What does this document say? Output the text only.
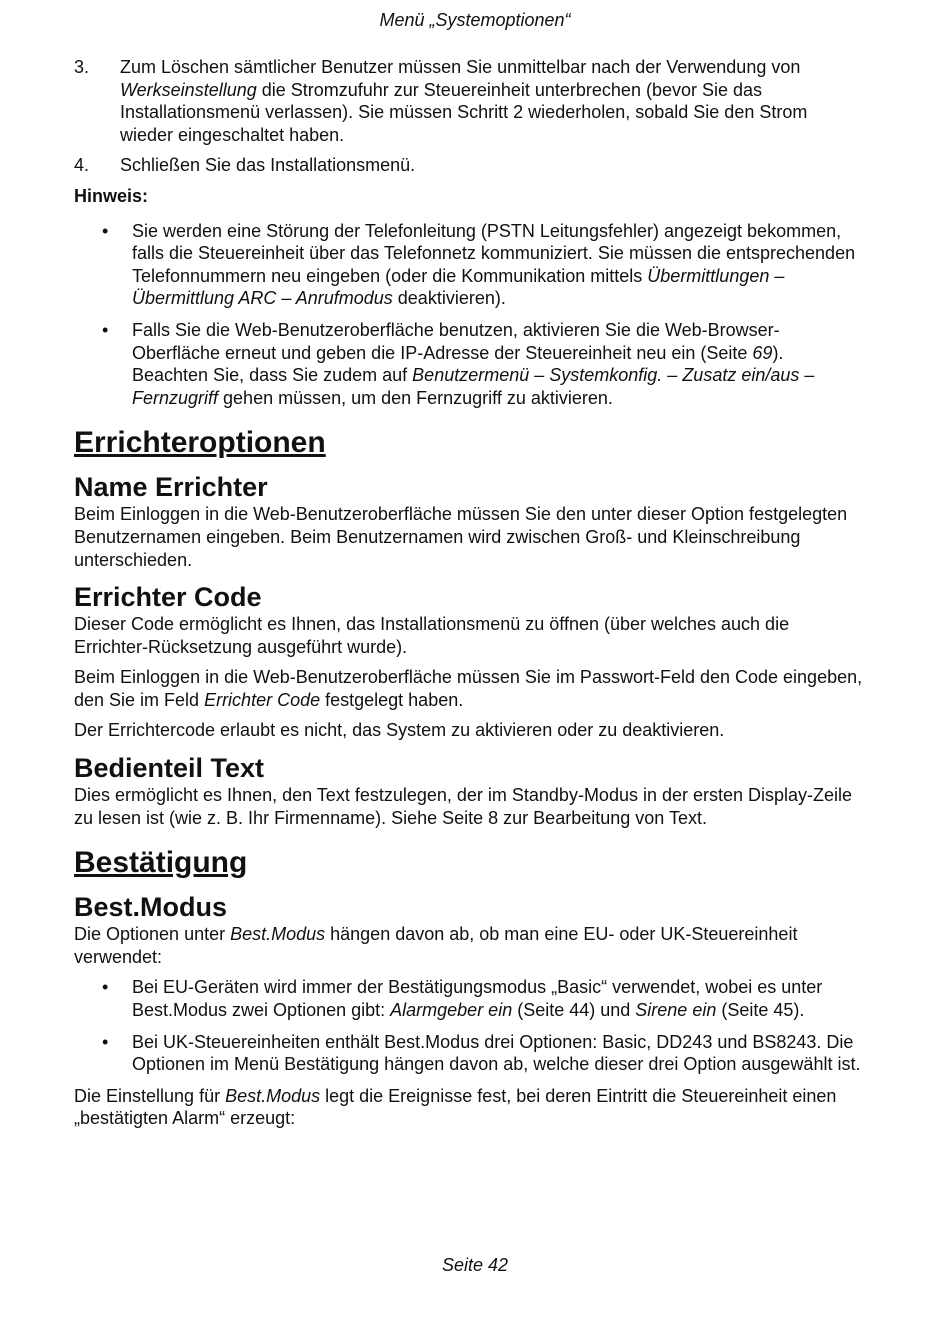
Menü „Systemoptionen“
3. Zum Löschen sämtlicher Benutzer müssen Sie unmittelbar nach der Verwendung von Werkseinstellung die Stromzufuhr zur Steuereinheit unterbrechen (bevor Sie das Installationsmenü verlassen). Sie müssen Schritt 2 wiederholen, sobald Sie den Strom wieder eingeschaltet haben.
4. Schließen Sie das Installationsmenü.
Hinweis:
• Sie werden eine Störung der Telefonleitung (PSTN Leitungsfehler) angezeigt bekommen, falls die Steuereinheit über das Telefonnetz kommuniziert. Sie müssen die entsprechenden Telefonnummern neu eingeben (oder die Kommunikation mittels Übermittlungen – Übermittlung ARC – Anrufmodus deaktivieren).
• Falls Sie die Web-Benutzeroberfläche benutzen, aktivieren Sie die Web-Browser-Oberfläche erneut und geben die IP-Adresse der Steuereinheit neu ein (Seite 69). Beachten Sie, dass Sie zudem auf Benutzermenü – Systemkonfig. – Zusatz ein/aus – Fernzugriff gehen müssen, um den Fernzugriff zu aktivieren.
Errichteroptionen
Name Errichter

Beim Einloggen in die Web-Benutzeroberfläche müssen Sie den unter dieser Option festgelegten Benutzernamen eingeben. Beim Benutzernamen wird zwischen Groß- und Kleinschreibung unterschieden.

Errichter Code

Dieser Code ermöglicht es Ihnen, das Installationsmenü zu öffnen (über welches auch die Errichter-Rücksetzung ausgeführt wurde).

Beim Einloggen in die Web-Benutzeroberfläche müssen Sie im Passwort-Feld den Code eingeben, den Sie im Feld Errichter Code festgelegt haben.

Der Errichtercode erlaubt es nicht, das System zu aktivieren oder zu deaktivieren.

Bedienteil Text

Dies ermöglicht es Ihnen, den Text festzulegen, der im Standby-Modus in der ersten Display-Zeile zu lesen ist (wie z. B. Ihr Firmenname). Siehe Seite 8 zur Bearbeitung von Text.

Bestätigung
Best.Modus

Die Optionen unter Best.Modus hängen davon ab, ob man eine EU- oder UK-Steuereinheit verwendet:

• Bei EU-Geräten wird immer der Bestätigungsmodus „Basic“ verwendet, wobei es unter Best.Modus zwei Optionen gibt: Alarmgeber ein (Seite 44) und Sirene ein (Seite 45).
• Bei UK-Steuereinheiten enthält Best.Modus drei Optionen: Basic, DD243 und BS8243. Die Optionen im Menü Bestätigung hängen davon ab, welche dieser drei Option ausgewählt ist.

Die Einstellung für Best.Modus legt die Ereignisse fest, bei deren Eintritt die Steuereinheit einen „bestätigten Alarm“ erzeugt:

Seite 42
